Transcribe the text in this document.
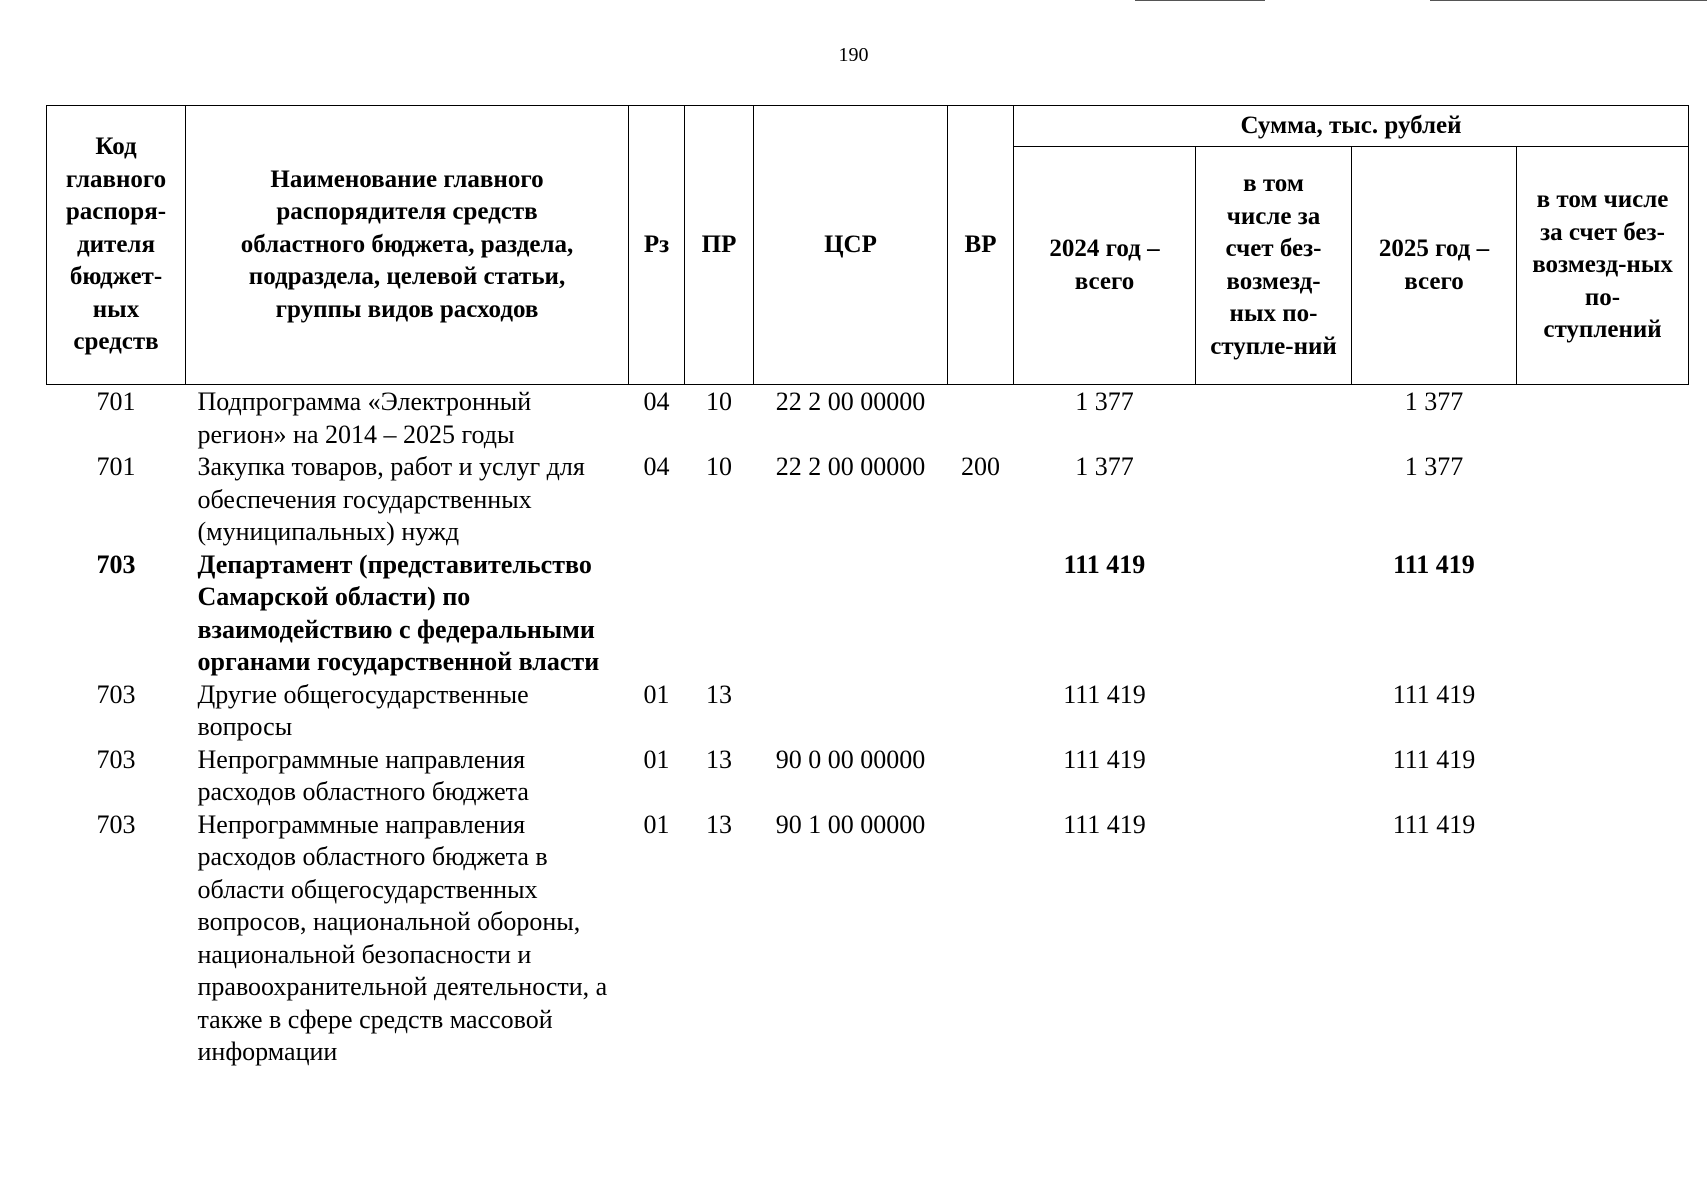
190
Код главного распоря-дителя бюджет-ных средств	Наименование главного распорядителя средств областного бюджета, раздела, подраздела, целевой статьи, группы видов расходов	Рз	ПР	ЦСР	ВР	Сумма, тыс. рублей			
						2024 год – всего	в том числе за счет без-возмезд-ных по-ступле-ний	2025 год – всего	в том числе за счет без-возмезд-ных по-ступлений
701	Подпрограмма «Электронный регион» на 2014 – 2025 годы	04	10	22 2 00 00000		1 377		1 377	
701	Закупка товаров, работ и услуг для обеспечения государственных (муниципальных) нужд	04	10	22 2 00 00000	200	1 377		1 377	
703	Департамент (представительство Самарской области) по взаимодействию с федеральными органами государственной власти					111 419		111 419	
703	Другие общегосударственные вопросы	01	13			111 419		111 419	
703	Непрограммные направления расходов областного бюджета	01	13	90 0 00 00000		111 419		111 419	
703	Непрограммные направления расходов областного бюджета в области общегосударственных вопросов, национальной обороны, национальной безопасности и правоохранительной деятельности, а также в сфере средств массовой информации	01	13	90 1 00 00000		111 419		111 419	
